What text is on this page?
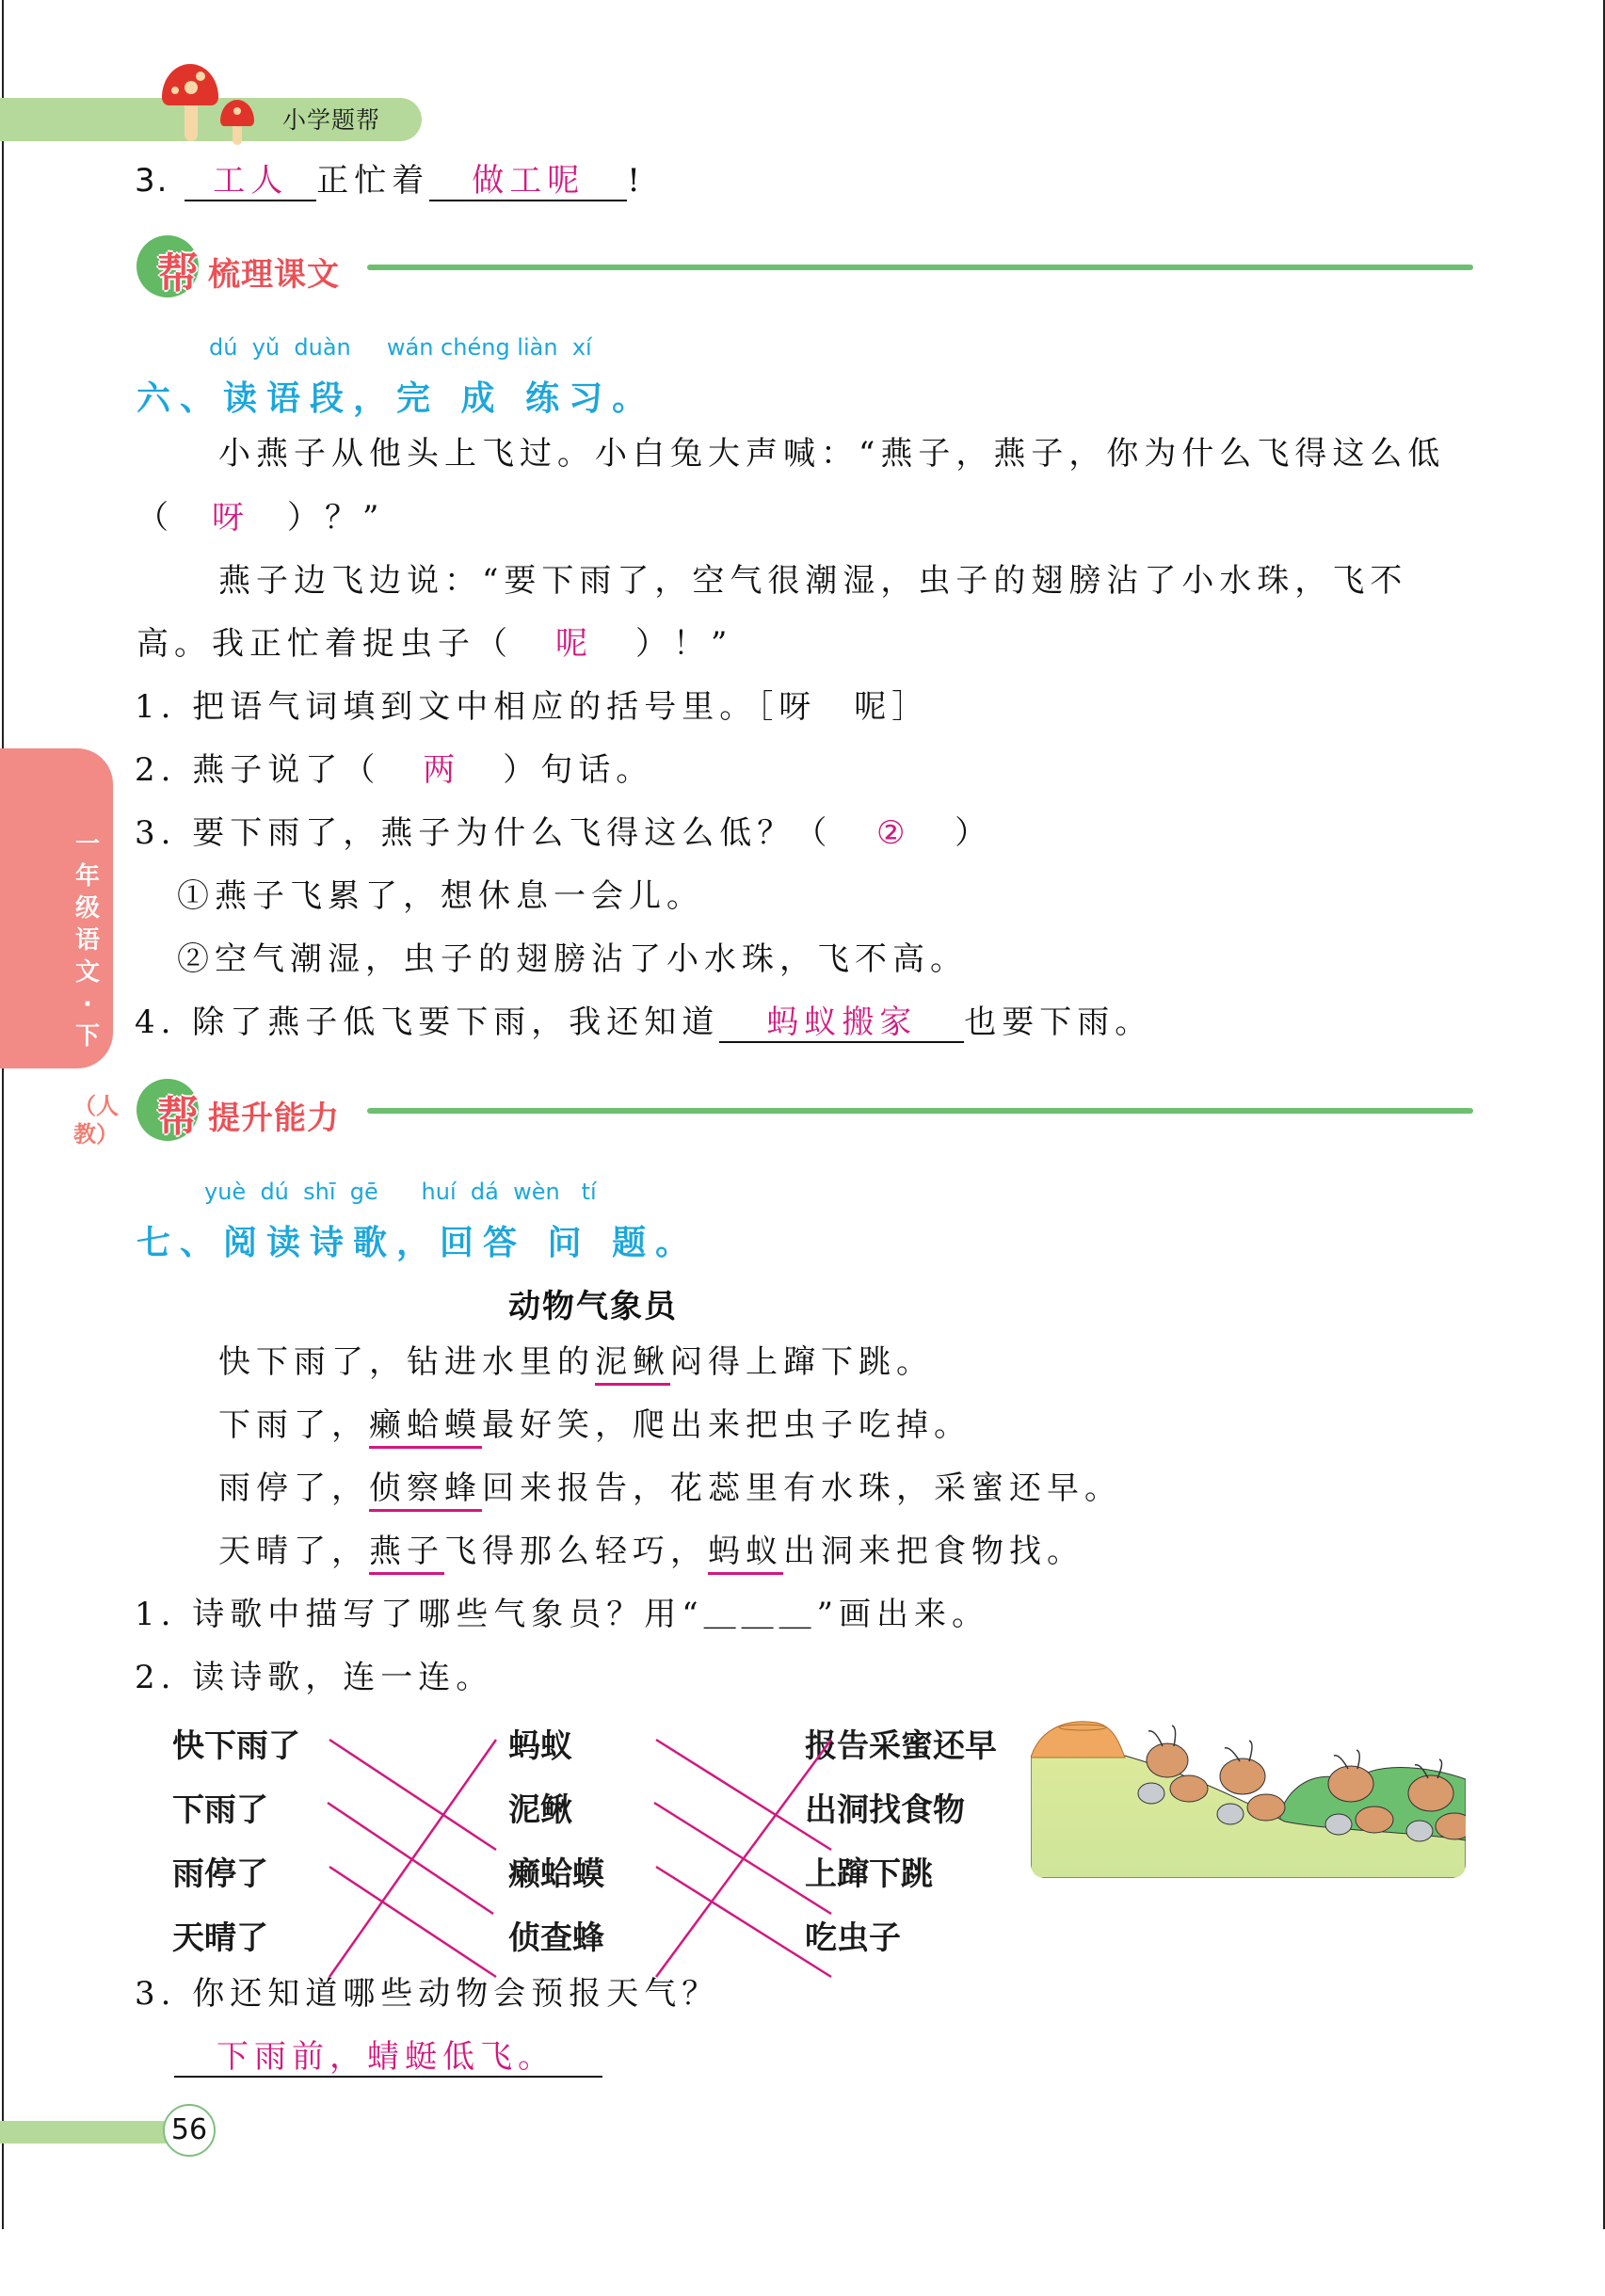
小学题帮
3. 工人 正忙着 做工呢 !
帮 梳理课文
dú  yǔ  duàn     wán chéng liàn  xí
六、读语段，完 成 练习。
小燕子从他头上飞过。小白兔大声喊：“燕子，燕子，你为什么飞得这么低
（ 呀 ）？”
燕子边飞边说：“要下雨了，空气很潮湿，虫子的翅膀沾了小水珠，飞不
高。我正忙着捉虫子（ 呢 ）！”
1. 把语气词填到文中相应的括号里。［呀　呢］
2. 燕子说了（ 两 ）句话。
3. 要下雨了，燕子为什么飞得这么低？（ ② ）
①燕子飞累了，想休息一会儿。
②空气潮湿，虫子的翅膀沾了小水珠，飞不高。
4. 除了燕子低飞要下雨，我还知道 蚂蚁搬家 也要下雨。
帮 提升能力
一年级语文·下
（人教）
yuè  dú  shī  gē      huí  dá  wèn   tí
七、阅读诗歌，回答 问 题。
动物气象员
快下雨了，钻进水里的泥鳅闷得上蹿下跳。
下雨了，癞蛤蟆最好笑，爬出来把虫子吃掉。
雨停了，侦察蜂回来报告，花蕊里有水珠，采蜜还早。
天晴了，燕子飞得那么轻巧，蚂蚁出洞来把食物找。
1. 诗歌中描写了哪些气象员？用“＿＿＿”画出来。
2. 读诗歌，连一连。
快下雨了
下雨了
雨停了
天晴了
蚂蚁
泥鳅
癞蛤蟆
侦查蜂
报告采蜜还早
出洞找食物
上蹿下跳
吃虫子
3. 你还知道哪些动物会预报天气？
下雨前，蜻蜓低飞。
56
